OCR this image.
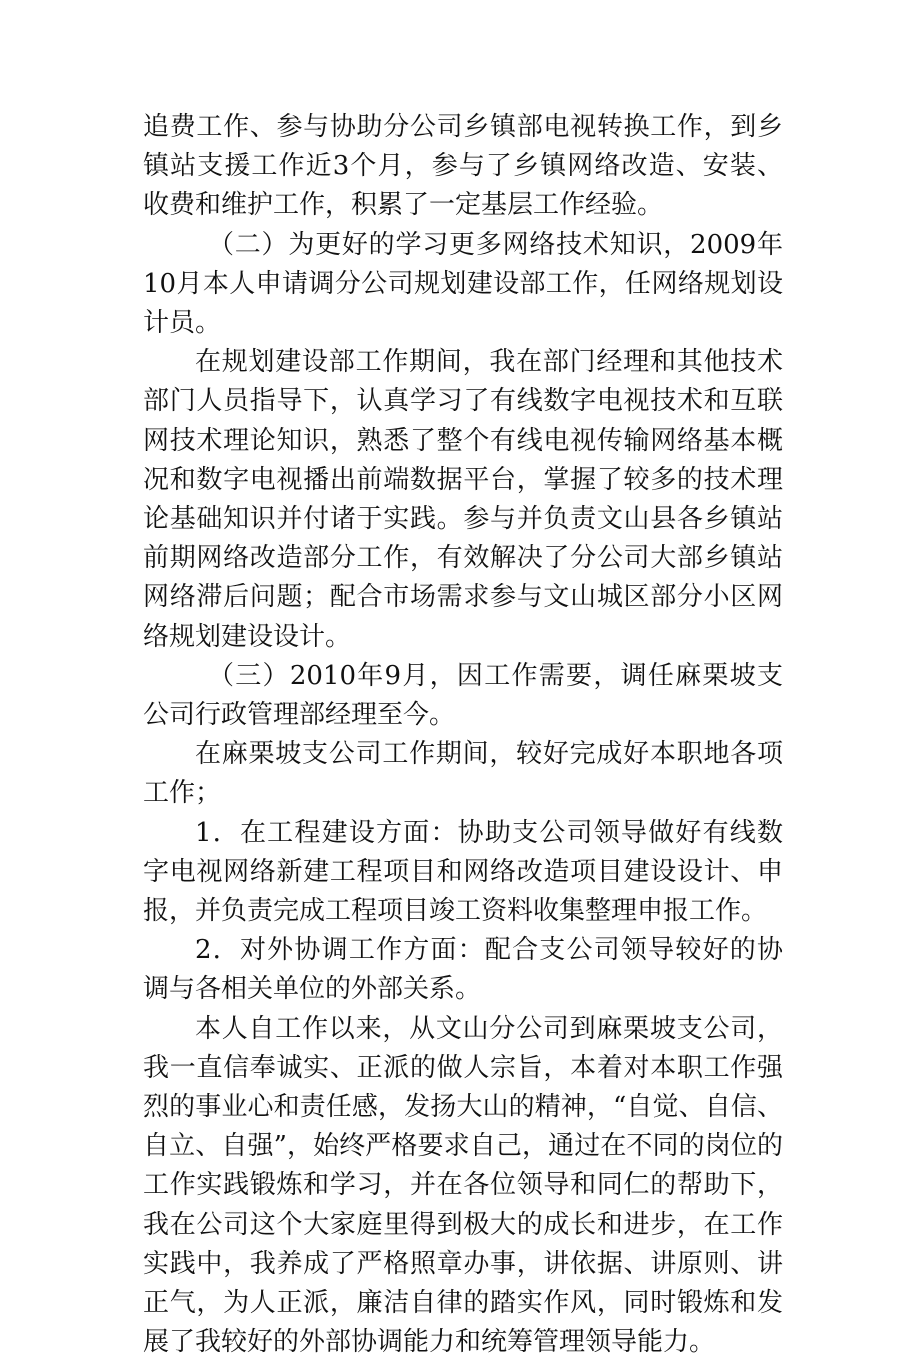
追费工作、参与协助分公司乡镇部电视转换工作，到乡镇站支援工作近3个月，参与了乡镇网络改造、安装、收费和维护工作，积累了一定基层工作经验。

（二）为更好的学习更多网络技术知识，2009年10月本人申请调分公司规划建设部工作，任网络规划设计员。

在规划建设部工作期间，我在部门经理和其他技术部门人员指导下，认真学习了有线数字电视技术和互联网技术理论知识，熟悉了整个有线电视传输网络基本概况和数字电视播出前端数据平台，掌握了较多的技术理论基础知识并付诸于实践。参与并负责文山县各乡镇站前期网络改造部分工作，有效解决了分公司大部乡镇站网络滞后问题；配合市场需求参与文山城区部分小区网络规划建设设计。

（三）2010年9月，因工作需要，调任麻栗坡支公司行政管理部经理至今。

在麻栗坡支公司工作期间，较好完成好本职地各项工作；

1．在工程建设方面：协助支公司领导做好有线数字电视网络新建工程项目和网络改造项目建设设计、申报，并负责完成工程项目竣工资料收集整理申报工作。

2．对外协调工作方面：配合支公司领导较好的协调与各相关单位的外部关系。

本人自工作以来，从文山分公司到麻栗坡支公司，我一直信奉诚实、正派的做人宗旨，本着对本职工作强烈的事业心和责任感，发扬大山的精神，“自觉、自信、自立、自强”，始终严格要求自己，通过在不同的岗位的工作实践锻炼和学习，并在各位领导和同仁的帮助下，我在公司这个大家庭里得到极大的成长和进步，在工作实践中，我养成了严格照章办事，讲依据、讲原则、讲正气，为人正派，廉洁自律的踏实作风，同时锻炼和发展了我较好的外部协调能力和统筹管理领导能力。
